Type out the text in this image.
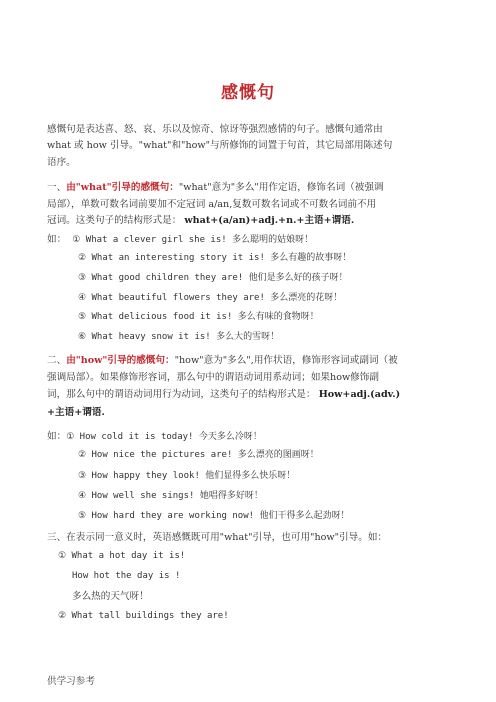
感慨句
感慨句是表达喜、怒、哀、乐以及惊奇、惊讶等强烈感情的句子。感慨句通常由
what 或 how 引导。"what"和"how"与所修饰的词置于句首，其它局部用陈述句
语序。
一、由"what"引导的感慨句："what"意为"多么"用作定语，修饰名词（被强调
局部），单数可数名词前要加不定冠词 a/an,复数可数名词或不可数名词前不用
冠词。这类句子的结构形式是： what+(a/an)+adj.+n.+主语+谓语.
如： ① What a clever girl she is! 多么聪明的姑娘呀！
② What an interesting story it is! 多么有趣的故事呀！
③ What good children they are! 他们是多么好的孩子呀！
④ What beautiful flowers they are! 多么漂亮的花呀！
⑤ What delicious food it is! 多么有味的食物呀！
⑥ What heavy snow it is! 多么大的雪呀！
二、由"how"引导的感慨句："how"意为"多么",用作状语，修饰形容词或副词（被
强调局部）。如果修饰形容词，那么句中的谓语动词用系动词；如果how修饰副
词，那么句中的谓语动词用行为动词，这类句子的结构形式是： How+adj.(adv.)
+主语+谓语.
如：① How cold it is today! 今天多么冷呀！
② How nice the pictures are! 多么漂亮的图画呀！
③ How happy they look! 他们显得多么快乐呀！
④ How well she sings! 她唱得多好呀！
⑤ How hard they are working now! 他们干得多么起劲呀！
三、在表示同一意义时，英语感慨既可用"what"引导，也可用"how"引导。如：
① What a hot day it is!
How hot the day is !
多么热的天气呀！
② What tall buildings they are!
供学习参考
